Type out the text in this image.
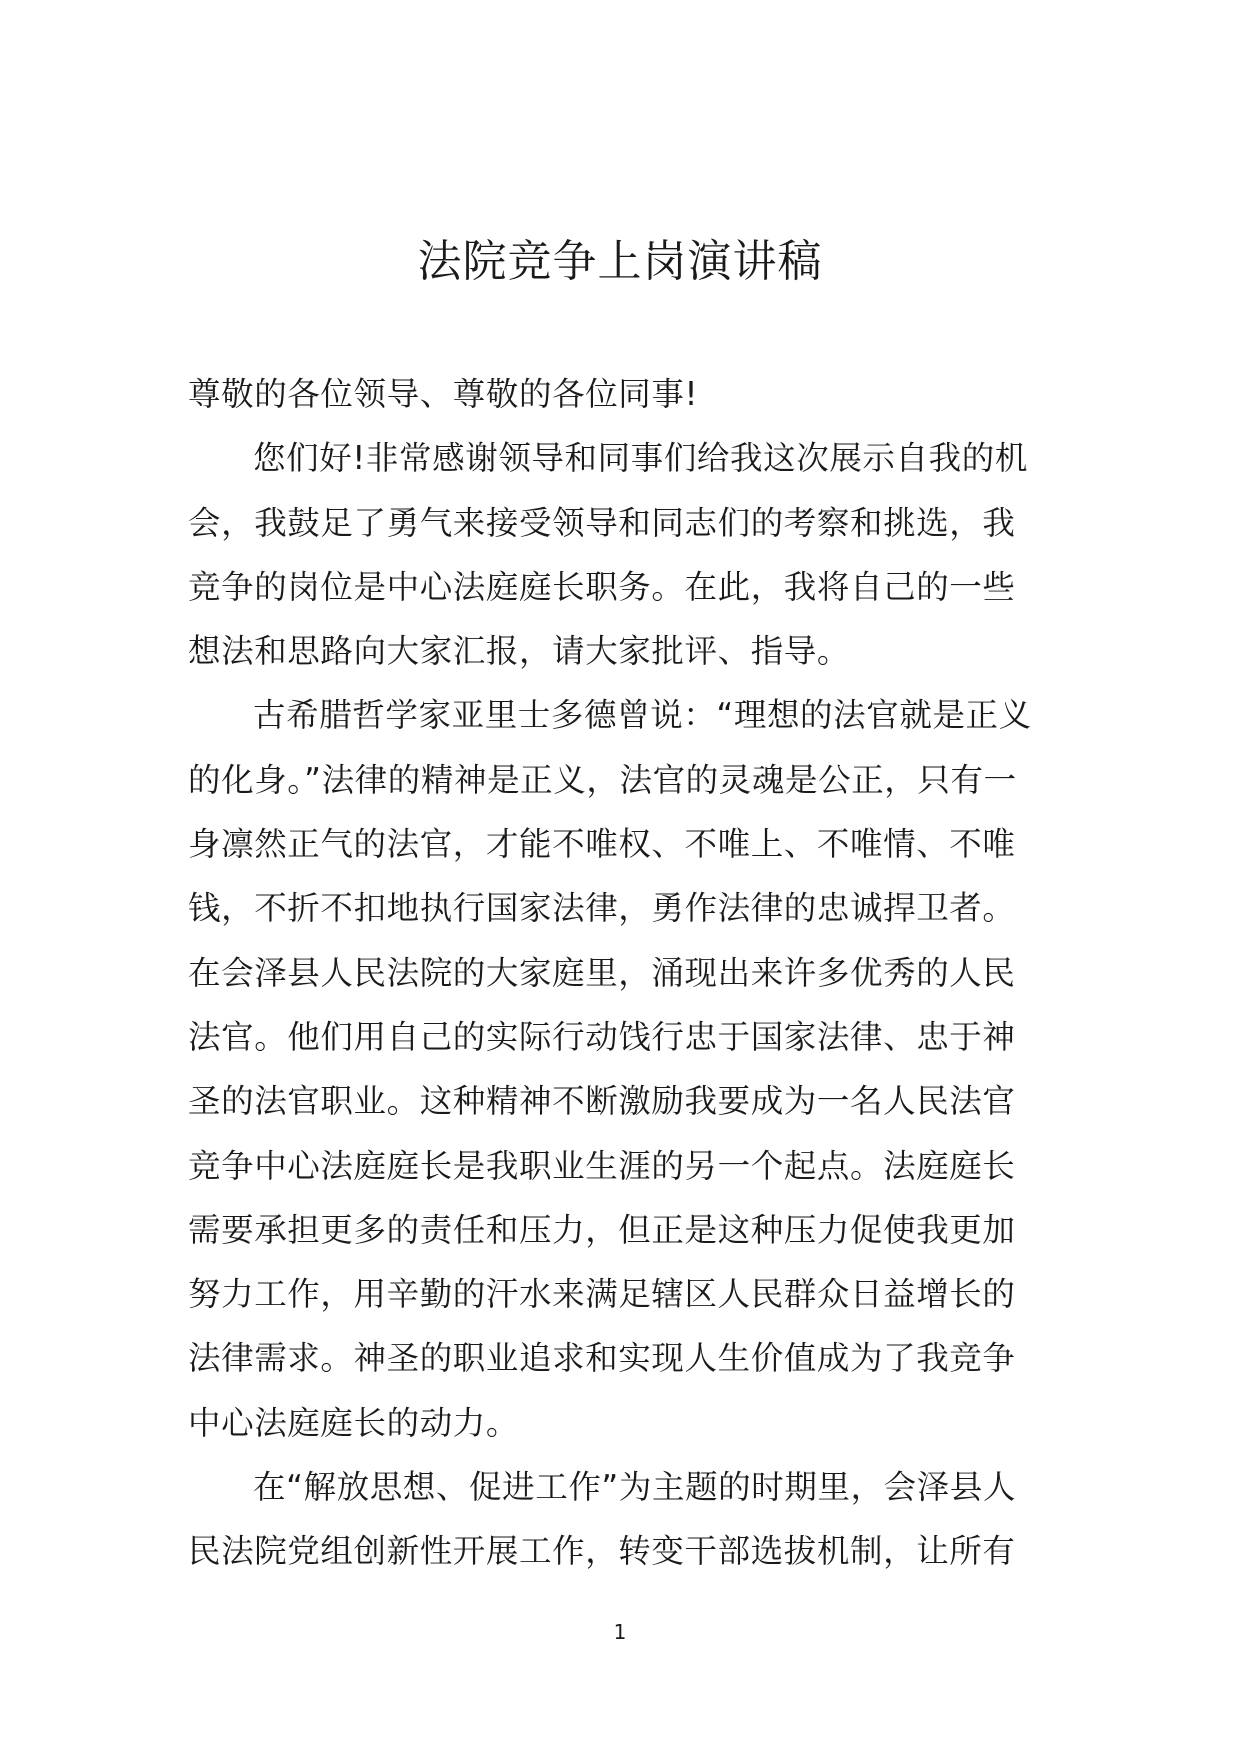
法院竞争上岗演讲稿
尊敬的各位领导、尊敬的各位同事!
您们好!非常感谢领导和同事们给我这次展示自我的机
会，我鼓足了勇气来接受领导和同志们的考察和挑选，我
竞争的岗位是中心法庭庭长职务。在此，我将自己的一些
想法和思路向大家汇报，请大家批评、指导。
古希腊哲学家亚里士多德曾说：“理想的法官就是正义
的化身。”法律的精神是正义，法官的灵魂是公正，只有一
身凛然正气的法官，才能不唯权、不唯上、不唯情、不唯
钱，不折不扣地执行国家法律，勇作法律的忠诚捍卫者。
在会泽县人民法院的大家庭里，涌现出来许多优秀的人民
法官。他们用自己的实际行动饯行忠于国家法律、忠于神
圣的法官职业。这种精神不断激励我要成为一名人民法官
竞争中心法庭庭长是我职业生涯的另一个起点。法庭庭长
需要承担更多的责任和压力，但正是这种压力促使我更加
努力工作，用辛勤的汗水来满足辖区人民群众日益增长的
法律需求。神圣的职业追求和实现人生价值成为了我竞争
中心法庭庭长的动力。
在“解放思想、促进工作”为主题的时期里，会泽县人
民法院党组创新性开展工作，转变干部选拔机制，让所有
1
